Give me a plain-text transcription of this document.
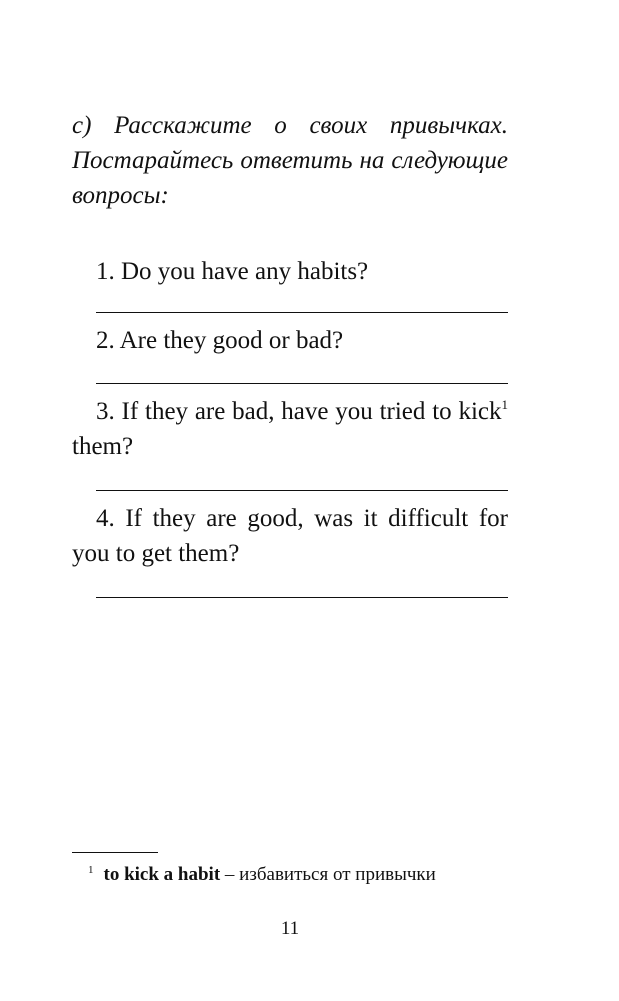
c) Расскажите о своих привычках. Постарайтесь ответить на следующие вопросы:
1. Do you have any habits?
2. Are they good or bad?
3. If they are bad, have you tried to kick$^1$ them?
4. If they are good, was it difficult for you to get them?
$^1$ to kick a habit – избавиться от привычки
11
